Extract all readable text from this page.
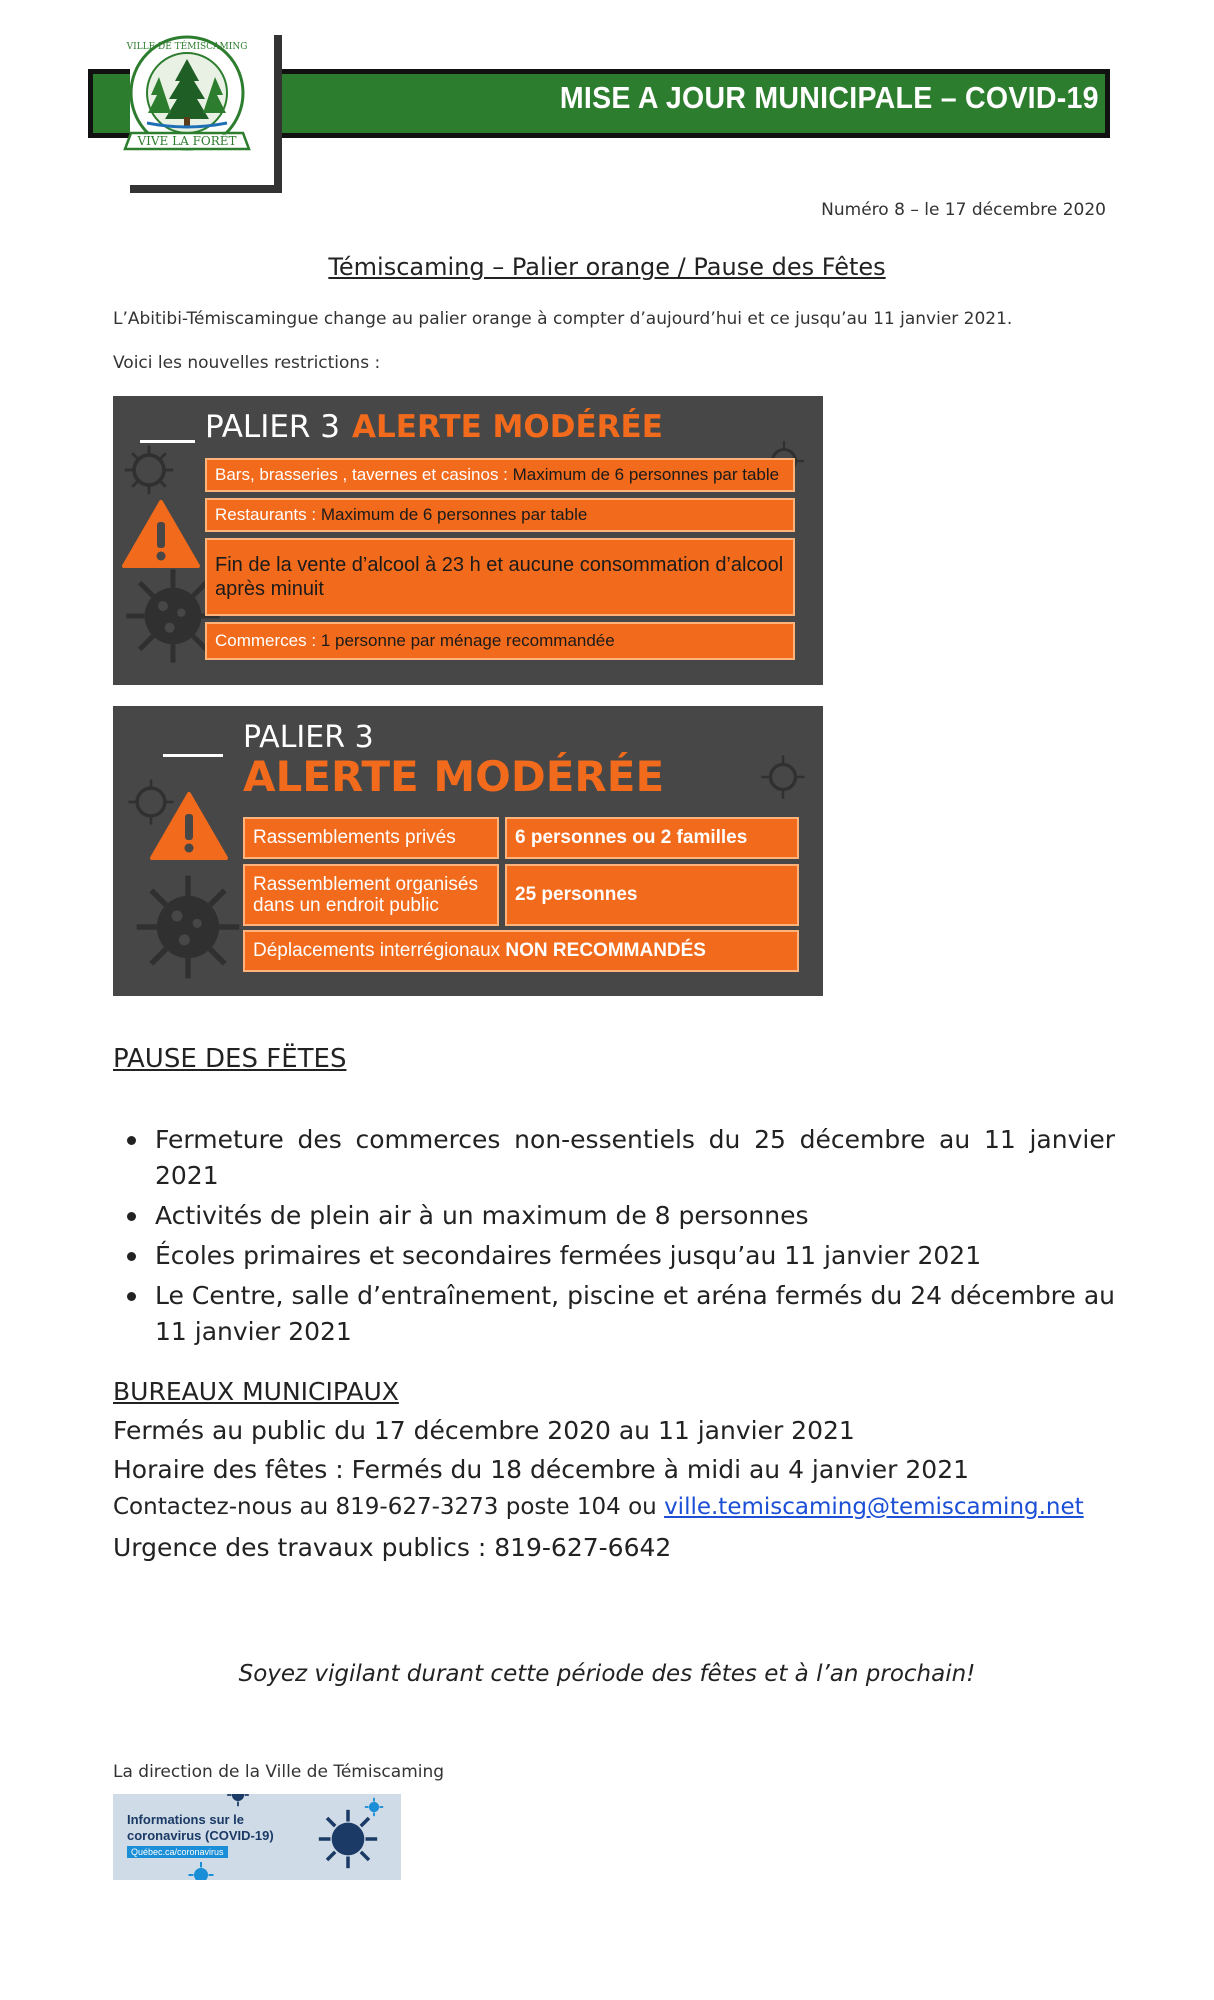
MISE A JOUR MUNICIPALE – COVID-19
VIVE LA FORÊT
VILLE DE TÉMISCAMING
Numéro 8 – le 17 décembre 2020
Témiscaming – Palier orange / Pause des Fêtes
L’Abitibi-Témiscamingue change au palier orange à compter d’aujourd’hui et ce jusqu’au 11 janvier 2021.
Voici les nouvelles restrictions :
PALIER 3 ALERTE MODÉRÉE
Bars, brasseries , tavernes et casinos :
Maximum de 6 personnes par table
Restaurants :
Maximum de 6 personnes par table
Fin de la vente d’alcool à 23 h et aucune consommation d’alcool après minuit
Commerces :
1 personne par ménage recommandée
PALIER 3
ALERTE MODÉRÉE
Rassemblements privés	6 personnes ou 2 familles
Rassemblement organisés dans un endroit public
25 personnes
Déplacements interrégionaux
NON RECOMMANDÉS
PAUSE DES FËTES
Fermeture des commerces non-essentiels du 25 décembre au 11 janvier 2021
Activités de plein air à un maximum de 8 personnes
Écoles primaires et secondaires fermées jusqu’au 11 janvier 2021
Le Centre, salle d’entraînement, piscine et aréna fermés du 24 décembre au 11 janvier 2021
BUREAUX MUNICIPAUX
Fermés au public du 17 décembre 2020 au 11 janvier 2021
Horaire des fêtes : Fermés du 18 décembre à midi au 4 janvier 2021
Contactez-nous au 819-627-3273 poste 104 ou ville.temiscaming@temiscaming.net
Urgence des travaux publics : 819-627-6642
Soyez vigilant durant cette période des fêtes et à l’an prochain!
La direction de la Ville de Témiscaming
Informations sur le
coronavirus (COVID-19)
Québec.ca/coronavirus
